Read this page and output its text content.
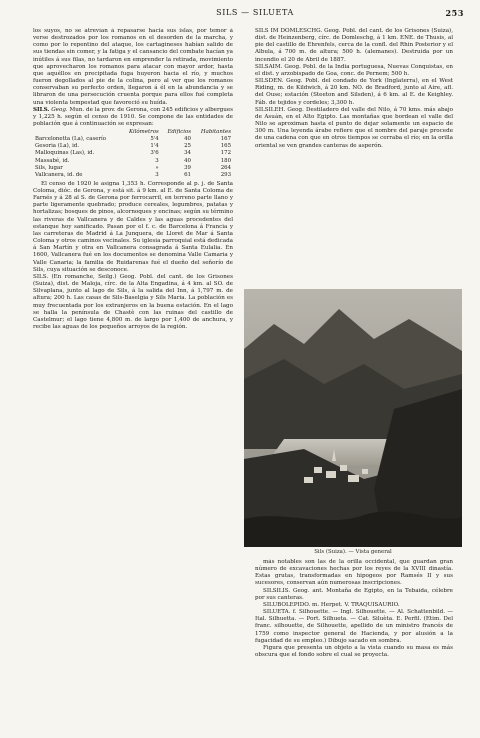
SILS — SILUETA	253

los suyos, no se atrevían á repasarse hacia sus islas, por temor á verse destrozados por los romanos en el desorden de la marcha, y como por lo repentino del ataque, los cartagineses habían salido de sus tiendas sin comer, y la fatiga y el cansancio del combate hacían ya inútiles á sus filas, no tardaron en emprender la retirada, movimiento que aprovecharon los romanos para atacar con mayor ardor, hasta que aquéllos en precipitada fuga huyeron hacia el río, y muchos fueron degollados al pie de la colina, pero al ver que los romanos conservaban su perfecto orden, llegaron á él en la abundancia y se libraron de una persecución cruenta porque para ellos fué completa una violenta tempestad que favoreció su huída.

SILS. Geog. Mun. de la prov. de Gerona, con 245 edificios y albergues y 1,225 h. según el censo de 1910. Se compone de las entidades de población que á continuación se expresan:

	Kilómetros	Edificios	Habitantes
Barcelonetta (La), caserío	5'4	40	167
Gesoria (La), id.	1'4	25	165
Malloquinas (Las), id.	3'6	34	172
Massabé, id.	3	40	180
Sils, lugar	»	39	264
Vallcanera, id. de	3	61	293

El censo de 1920 le asigna 1,353 h. Corresponde al p. j. de Santa Coloma, dióc. de Gerona, y está sit. á 9 km. al E. de Santa Coloma de Farnés y á 28 al S. de Gerona por ferrocarril, en terreno parte llano y parte ligeramente quebrado; produce cereales, legumbres, patatas y hortalizas; bosques de pinos, alcornoques y encinas; según su término las riveras de Vallcanera y de Caldes y las aguas procedentes del estanque hoy sanificado. Pasan por el f. c. de Barcelona á Francia y las carreteras de Madrid á La Junquera, de Lloret de Mar á Santa Coloma y otros caminos vecinales. Su iglesia parroquial está dedicada á San Martín y otra en Vallcanera consagrada á Santa Eulalia. En 1600, Vallcanera fué en los documentos se denomina Valle Camaria y Valle Canaria; la familia de Ruidarenas fué el dueño del señorío de Sils, cuya situación se desconoce.

SILS. (En romanche, Seilg.) Geog. Pobl. del cant. de los Grisones (Suiza), dist. de Maloja, círc. de la Alta Engadina, á 4 km. al SO. de Silvaplana, junto al lago de Sils, á la salida del Inn, á 1,797 m. de altura; 200 h. Las casas de Sils-Baselgia y Sils Maria. La población es muy frecuentada por los extranjeros en la buena estación. En el lago se halla la península de Chastè con las ruinas del castillo de Castelmur; el lago tiene 4,800 m. de largo por 1,400 de anchura, y recibe las aguas de los pequeños arroyos de la región.

SILS IM DOMLESCHG. Geog. Pobl. del cant. de los Grisones (Suiza), dist. de Heinzenberg, círc. de Domleschg, á 1 km. ENE. de Thusis, al pie del castillo de Ehrenfels, cerca de la confl. del Rhin Posterior y el Albula, á 700 m. de altura; 500 h. (alemanes). Destruida por un incendio el 20 de Abril de 1887.

SILSAIM. Geog. Pobl. de la India portuguesa, Nuevas Conquistas, en el dist. y arzobispado de Goa, conc. de Pernem; 500 h.

SILSDEN. Geog. Pobl. del condado de York (Inglaterra), en el West Riding, m. de Kildwich, á 20 km. NO. de Bradford, junto al Aire, afl. del Ouse; estación (Steeton and Silsden), á 6 km. al E. de Keighley. Fáb. de tejidos y cordeles; 3,300 h.

SILSILEH. Geog. Destiladero del valle del Nilo, á 70 kms. más abajo de Asuán, en el Alto Egipto. Las montañas que bordean el valle del Nilo se aproximan hasta el punto de dejar solamente un espacio de 300 m. Una leyenda árabe refiere que el nombre del paraje procede de una cadena con que en otros tiempos se cerraba el río; en la orilla oriental se ven grandes canteras de asperón.

Sils (Suiza). — Vista general

más notables son las de la orilla occidental, que guardan gran número de excavaciones hechas por los reyes de la XVIII dinastía. Estas grutas, transformadas en hipogeos por Ramsés II y sus sucesores, conservan aún numerosas inscripciones.

SILSILIS. Geog. ant. Montaña de Egipto, en la Tebaida, célebre por sus canteras.

SILUBOLEPIDO. m. Herpet. V. TRAQUISAURIO.

SILUETA. f. Silhouette. — Ingl. Silhouette. — Al. Schattenbild. — Ital. Silhuetta. — Port. Silhueta. — Cat. Siluèta. E. Perfil. (Etim. Del franc. silhouette, de Silhouette, apellido de un ministro francés de 1759 como inspector general de Hacienda, y por alusión a la fugacidad de su empleo.) Dibujo sacado en sombra.

Figura que presenta un objeto a la vista cuando su masa es más obscura que el fondo sobre el cual se proyecta.
